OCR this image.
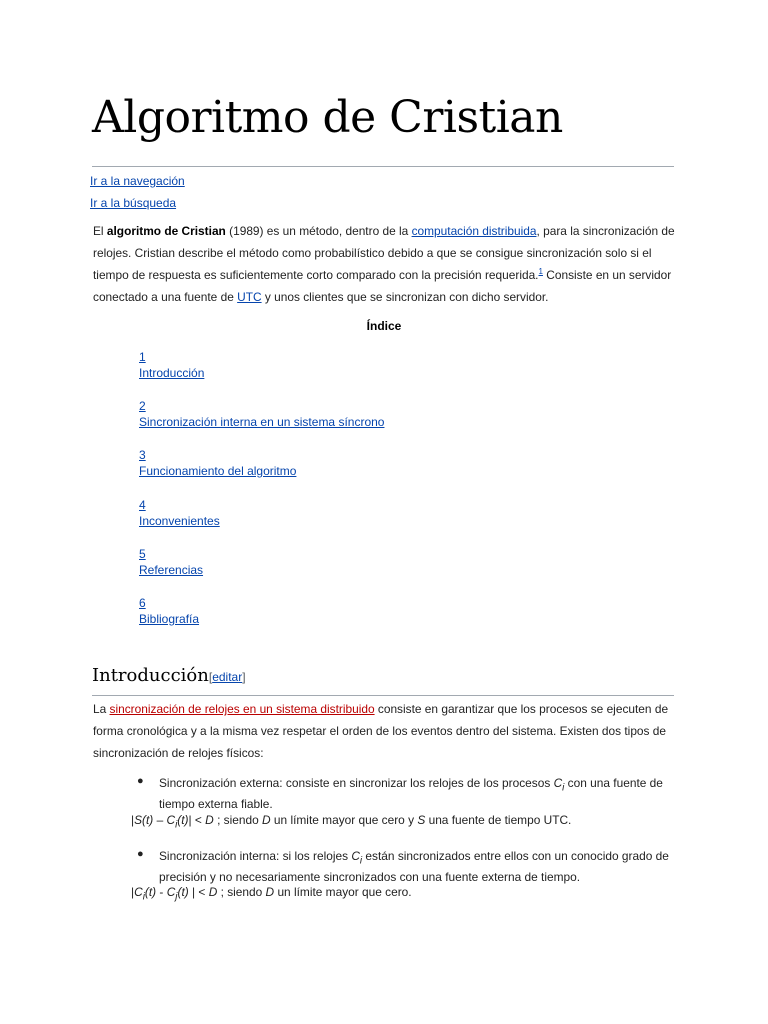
Algoritmo de Cristian
Ir a la navegación
Ir a la búsqueda

El algoritmo de Cristian (1989) es un método, dentro de la computación distribuida, para la sincronización de relojes. Cristian describe el método como probabilístico debido a que se consigue sincronización solo si el tiempo de respuesta es suficientemente corto comparado con la precisión requerida.$^1$ Consiste en un servidor conectado a una fuente de UTC y unos clientes que se sincronizan con dicho servidor.

Índice
1
Introducción
2
Sincronización interna en un sistema síncrono
3
Funcionamiento del algoritmo
4
Inconvenientes
5
Referencias
6
Bibliografía
Introducción[editar]

La sincronización de relojes en un sistema distribuido consiste en garantizar que los procesos se ejecuten de forma cronológica y a la misma vez respetar el orden de los eventos dentro del sistema. Existen dos tipos de sincronización de relojes físicos:

● Sincronización externa: consiste en sincronizar los relojes de los procesos $C_i$ con una fuente de tiempo externa fiable.
$|S(t) - C_i(t)| < D$ ; siendo D un límite mayor que cero y S una fuente de tiempo UTC.
● Sincronización interna: si los relojes $C_i$ están sincronizados entre ellos con un conocido grado de precisión y no necesariamente sincronizados con una fuente externa de tiempo.
$|C_i(t) - C_j(t)$ | < D ; siendo D un límite mayor que cero.
